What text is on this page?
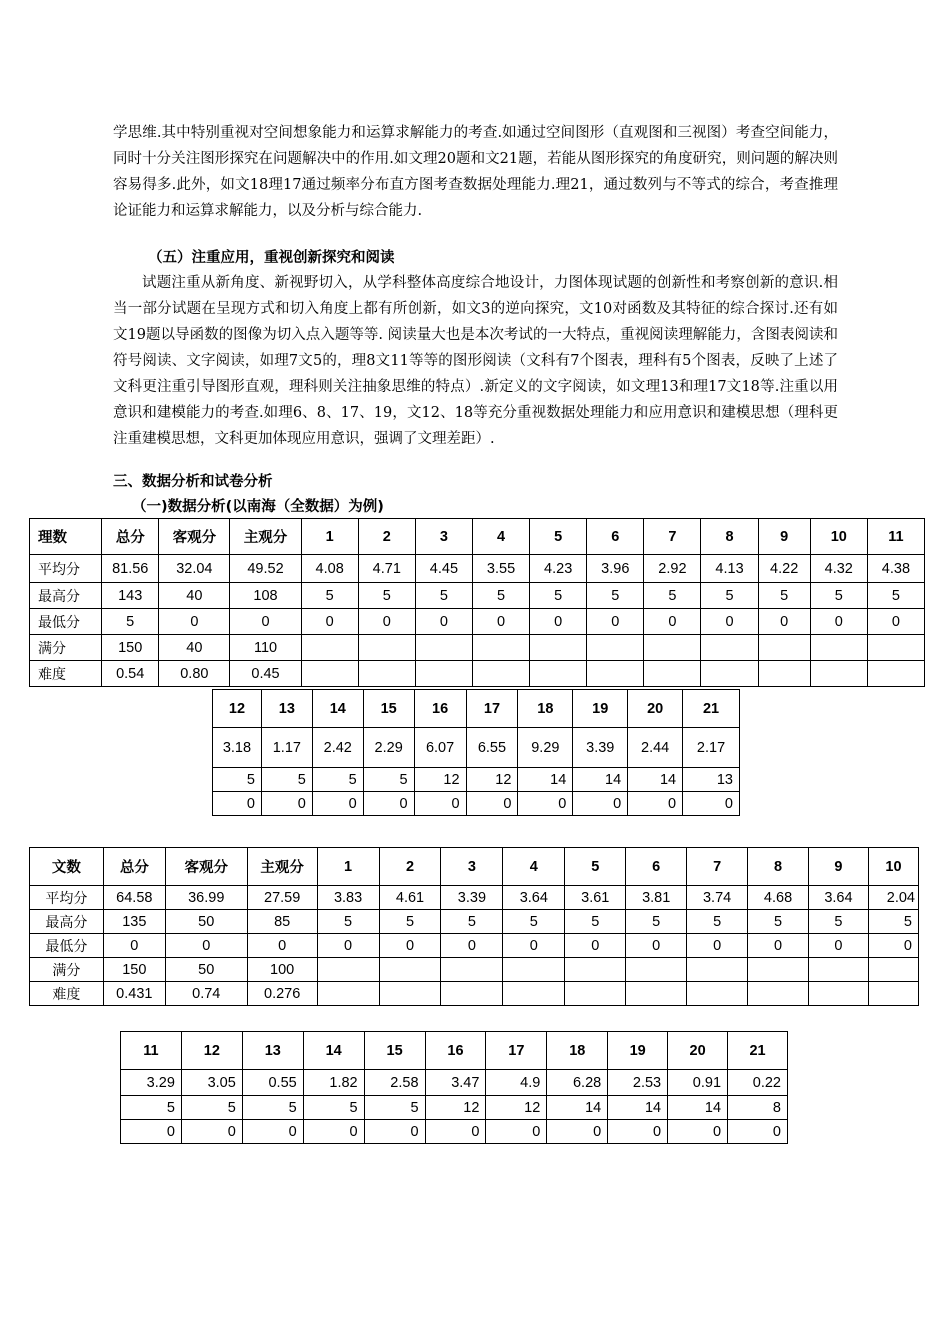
学思维.其中特别重视对空间想象能力和运算求解能力的考查.如通过空间图形（直观图和三视图）考查空间能力，同时十分关注图形探究在问题解决中的作用.如文理20题和文21题，若能从图形探究的角度研究，则问题的解决则容易得多.此外，如文18理17通过频率分布直方图考查数据处理能力.理21，通过数列与不等式的综合，考查推理论证能力和运算求解能力，以及分析与综合能力.

（五）注重应用，重视创新探究和阅读

试题注重从新角度、新视野切入，从学科整体高度综合地设计，力图体现试题的创新性和考察创新的意识.相当一部分试题在呈现方式和切入角度上都有所创新，如文3的逆向探究，文10对函数及其特征的综合探讨.还有如文19题以导函数的图像为切入点入题等等. 阅读量大也是本次考试的一大特点，重视阅读理解能力，含图表阅读和符号阅读、文字阅读，如理7文5的，理8文11等等的图形阅读（文科有7个图表，理科有5个图表，反映了上述了文科更注重引导图形直观，理科则关注抽象思维的特点）.新定义的文字阅读，如文理13和理17文18等.注重以用意识和建模能力的考查.如理6、8、17、19，文12、18等充分重视数据处理能力和应用意识和建模思想（理科更注重建模思想，文科更加体现应用意识，强调了文理差距）.

三、数据分析和试卷分析

（一)数据分析(以南海（全数据）为例)

理数	总分	客观分	主观分	1	2	3	4	5	6	7	8	9	10	11
平均分	81.56	32.04	49.52	4.08	4.71	4.45	3.55	4.23	3.96	2.92	4.13	4.22	4.32	4.38
最高分	143	40	108	5	5	5	5	5	5	5	5	5	5	5
最低分	5	0	0	0	0	0	0	0	0	0	0	0	0	0
满分	150	40	110											
难度	0.54	0.80	0.45											
12	13	14	15	16	17	18	19	20	21
3.18	1.17	2.42	2.29	6.07	6.55	9.29	3.39	2.44	2.17
5	5	5	5	12	12	14	14	14	13
0	0	0	0	0	0	0	0	0	0
文数	总分	客观分	主观分	1	2	3	4	5	6	7	8	9	10
平均分	64.58	36.99	27.59	3.83	4.61	3.39	3.64	3.61	3.81	3.74	4.68	3.64	2.04
最高分	135	50	85	5	5	5	5	5	5	5	5	5	5
最低分	0	0	0	0	0	0	0	0	0	0	0	0	0
满分	150	50	100										
难度	0.431	0.74	0.276										
11	12	13	14	15	16	17	18	19	20	21
3.29	3.05	0.55	1.82	2.58	3.47	4.9	6.28	2.53	0.91	0.22
5	5	5	5	5	12	12	14	14	14	8
0	0	0	0	0	0	0	0	0	0	0
